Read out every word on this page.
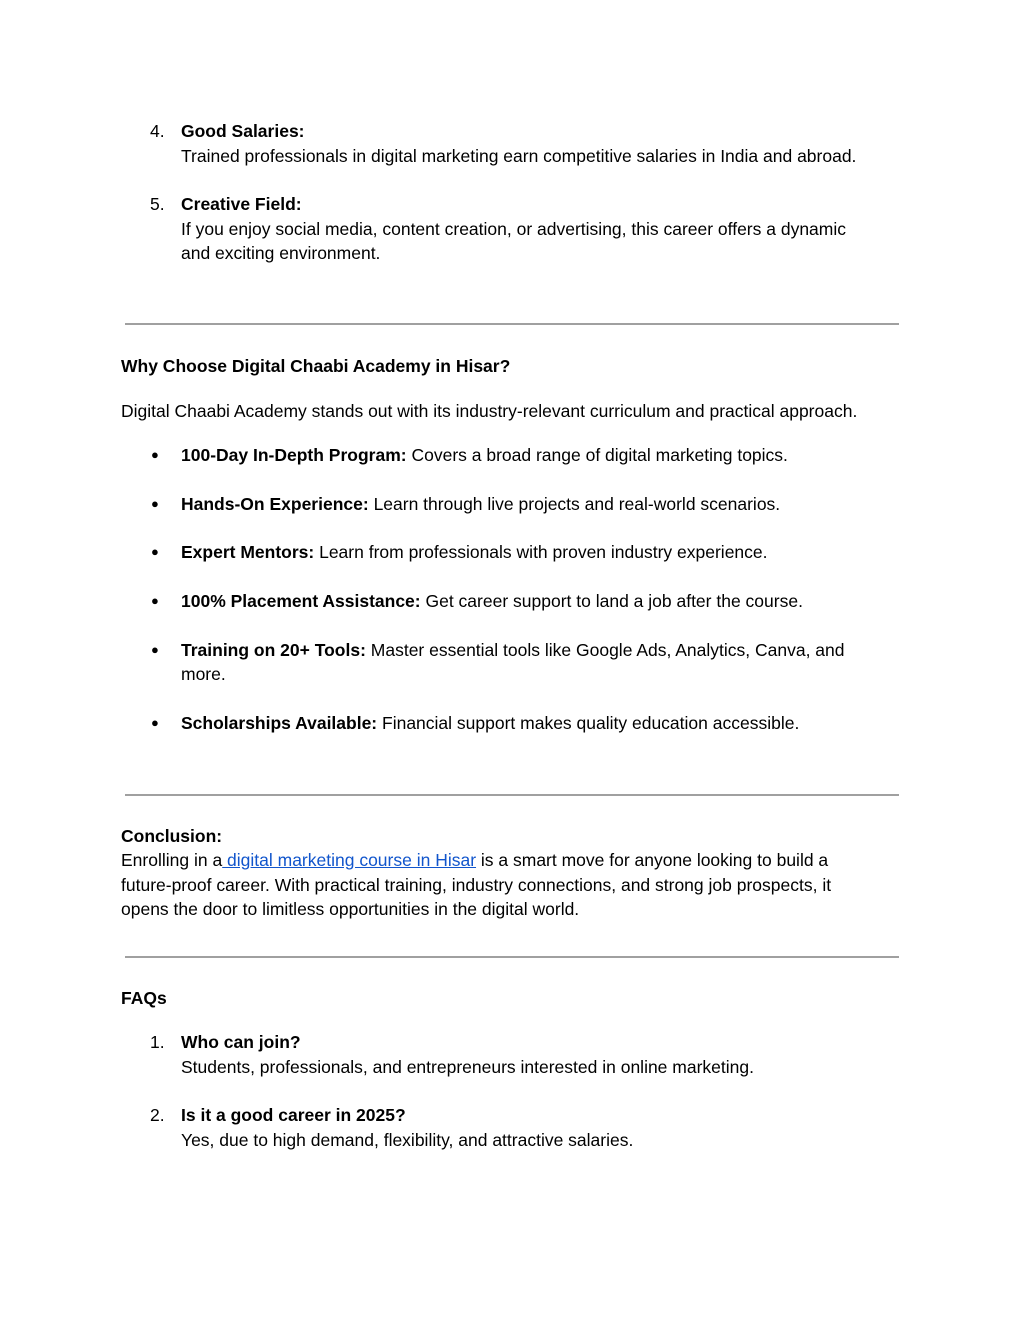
4. Good Salaries:
Trained professionals in digital marketing earn competitive salaries in India and abroad.
5. Creative Field:
If you enjoy social media, content creation, or advertising, this career offers a dynamic
and exciting environment.
Why Choose Digital Chaabi Academy in Hisar?
Digital Chaabi Academy stands out with its industry-relevant curriculum and practical approach.
● 100-Day In-Depth Program: Covers a broad range of digital marketing topics.
● Hands-On Experience: Learn through live projects and real-world scenarios.
● Expert Mentors: Learn from professionals with proven industry experience.
● 100% Placement Assistance: Get career support to land a job after the course.
● Training on 20+ Tools: Master essential tools like Google Ads, Analytics, Canva, and
more.
● Scholarships Available: Financial support makes quality education accessible.
Conclusion:
Enrolling in a digital marketing course in Hisar is a smart move for anyone looking to build a
future-proof career. With practical training, industry connections, and strong job prospects, it
opens the door to limitless opportunities in the digital world.
FAQs
1. Who can join?
Students, professionals, and entrepreneurs interested in online marketing.
2. Is it a good career in 2025?
Yes, due to high demand, flexibility, and attractive salaries.
